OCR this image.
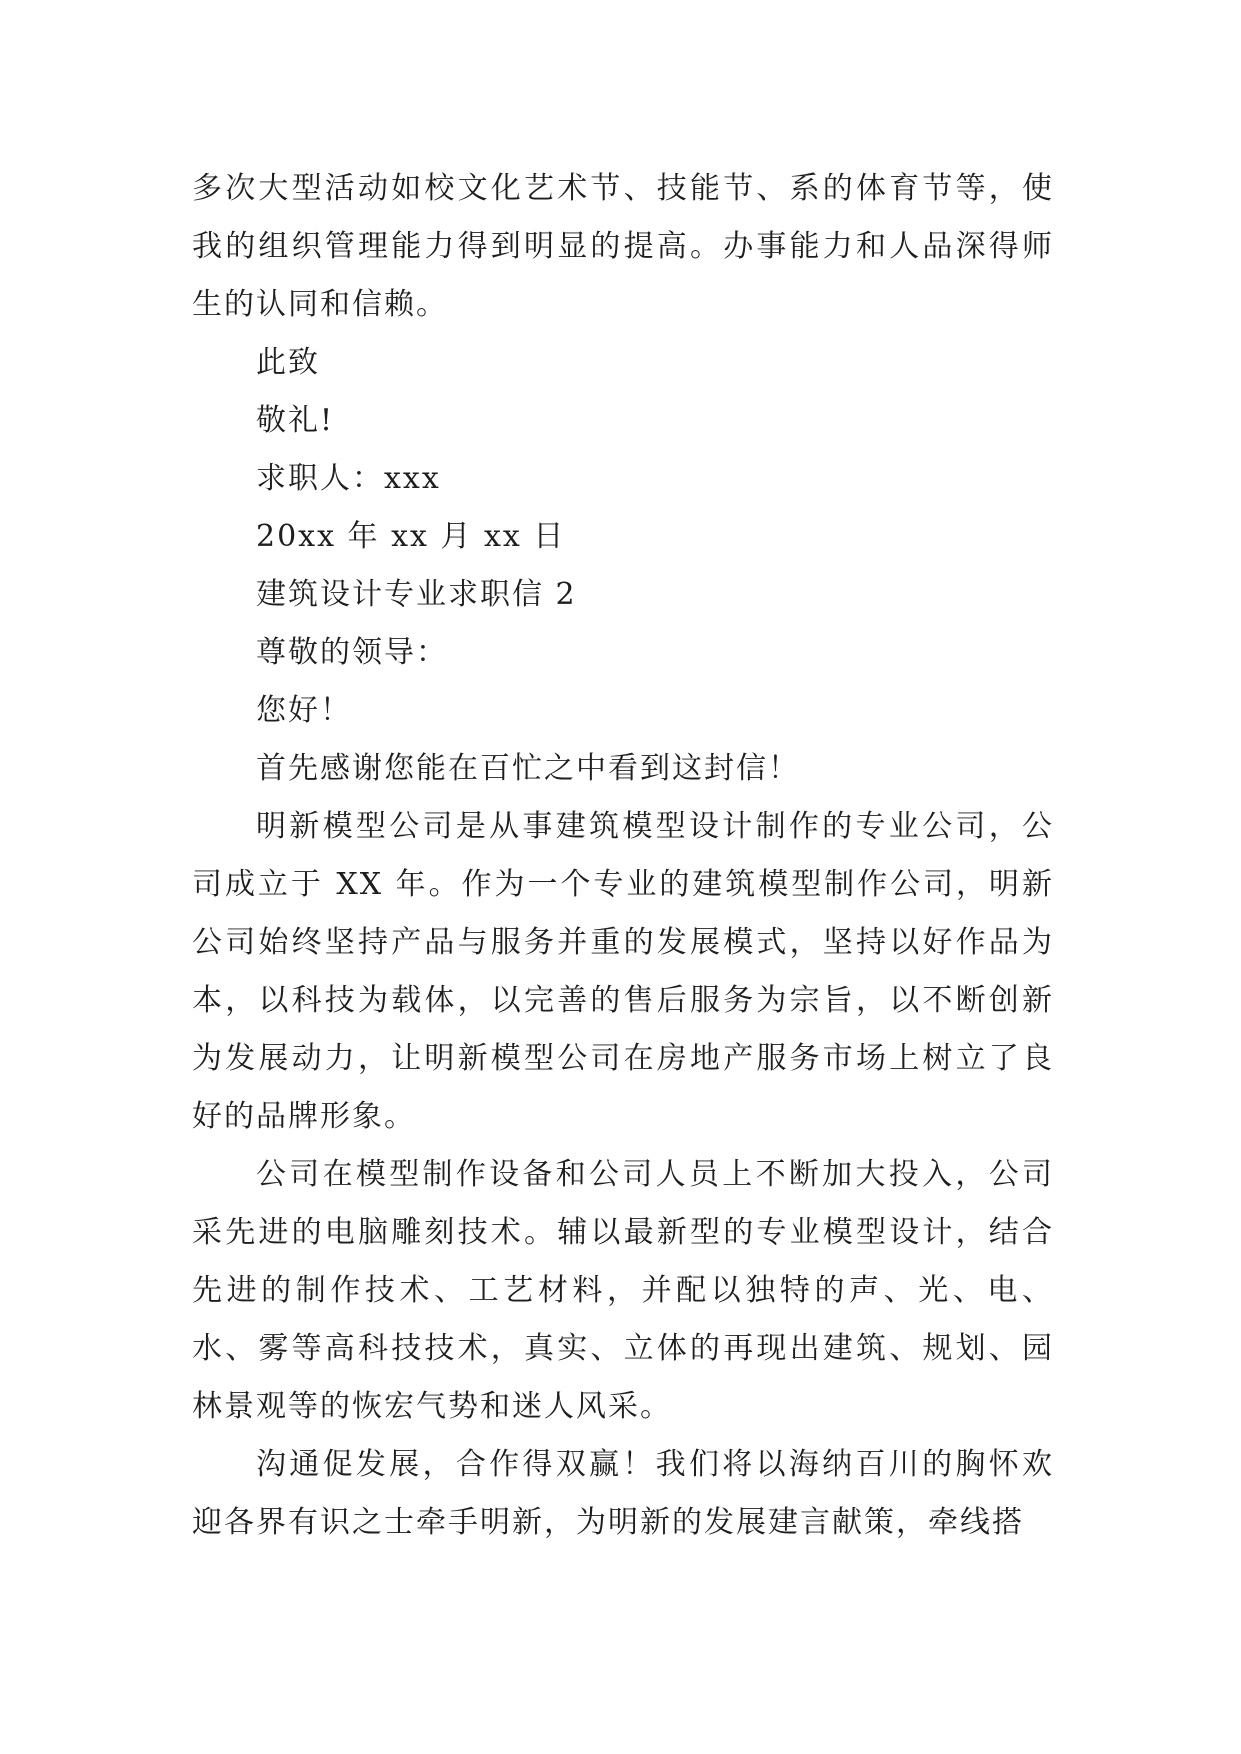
多次大型活动如校文化艺术节、技能节、系的体育节等，使我的组织管理能力得到明显的提高。办事能力和人品深得师生的认同和信赖。

此致

敬礼!

求职人：xxx

20xx 年 xx 月 xx 日

建筑设计专业求职信 2

尊敬的领导：

您好！

首先感谢您能在百忙之中看到这封信！

明新模型公司是从事建筑模型设计制作的专业公司，公司成立于 XX 年。作为一个专业的建筑模型制作公司，明新公司始终坚持产品与服务并重的发展模式，坚持以好作品为本，以科技为载体，以完善的售后服务为宗旨，以不断创新为发展动力，让明新模型公司在房地产服务市场上树立了良好的品牌形象。

公司在模型制作设备和公司人员上不断加大投入，公司采先进的电脑雕刻技术。辅以最新型的专业模型设计，结合先进的制作技术、工艺材料，并配以独特的声、光、电、水、雾等高科技技术，真实、立体的再现出建筑、规划、园林景观等的恢宏气势和迷人风采。

沟通促发展，合作得双赢！我们将以海纳百川的胸怀欢迎各界有识之士牵手明新，为明新的发展建言献策，牵线搭
